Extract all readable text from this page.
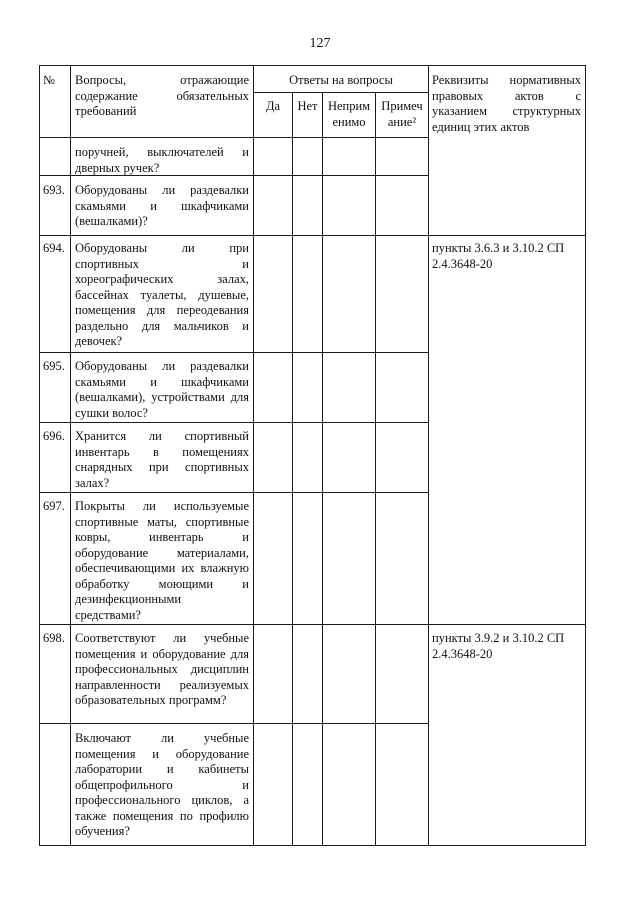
127
№	Вопросы, отражающие содержание обязательных требований
Ответы на вопросы
Да	Нет Неприм енимо
Примеч ание²
Реквизиты нормативных правовых актов с указанием структурных единиц этих актов
поручней, выключателей и дверных ручек?
693. Оборудованы ли раздевалки скамьями и шкафчиками (вешалками)?
694. Оборудованы ли при спортивных и хореографических залах, бассейнах туалеты, душевые, помещения для переодевания раздельно для мальчиков и девочек?
пункты 3.6.3 и 3.10.2 СП 2.4.3648-20
695. Оборудованы ли раздевалки скамьями и шкафчиками (вешалками), устройствами для сушки волос?
696. Хранится ли спортивный инвентарь в помещениях снарядных при спортивных залах?
697. Покрыты ли используемые спортивные маты, спортивные ковры, инвентарь и оборудование материалами, обеспечивающими их влажную обработку моющими и дезинфекционными средствами?
698. Соответствуют ли учебные помещения и оборудование для профессиональных дисциплин направленности реализуемых образовательных программ?
пункты 3.9.2 и 3.10.2 СП 2.4.3648-20
Включают ли учебные помещения и оборудование лаборатории и кабинеты общепрофильного и профессионального циклов, а также помещения по профилю обучения?
